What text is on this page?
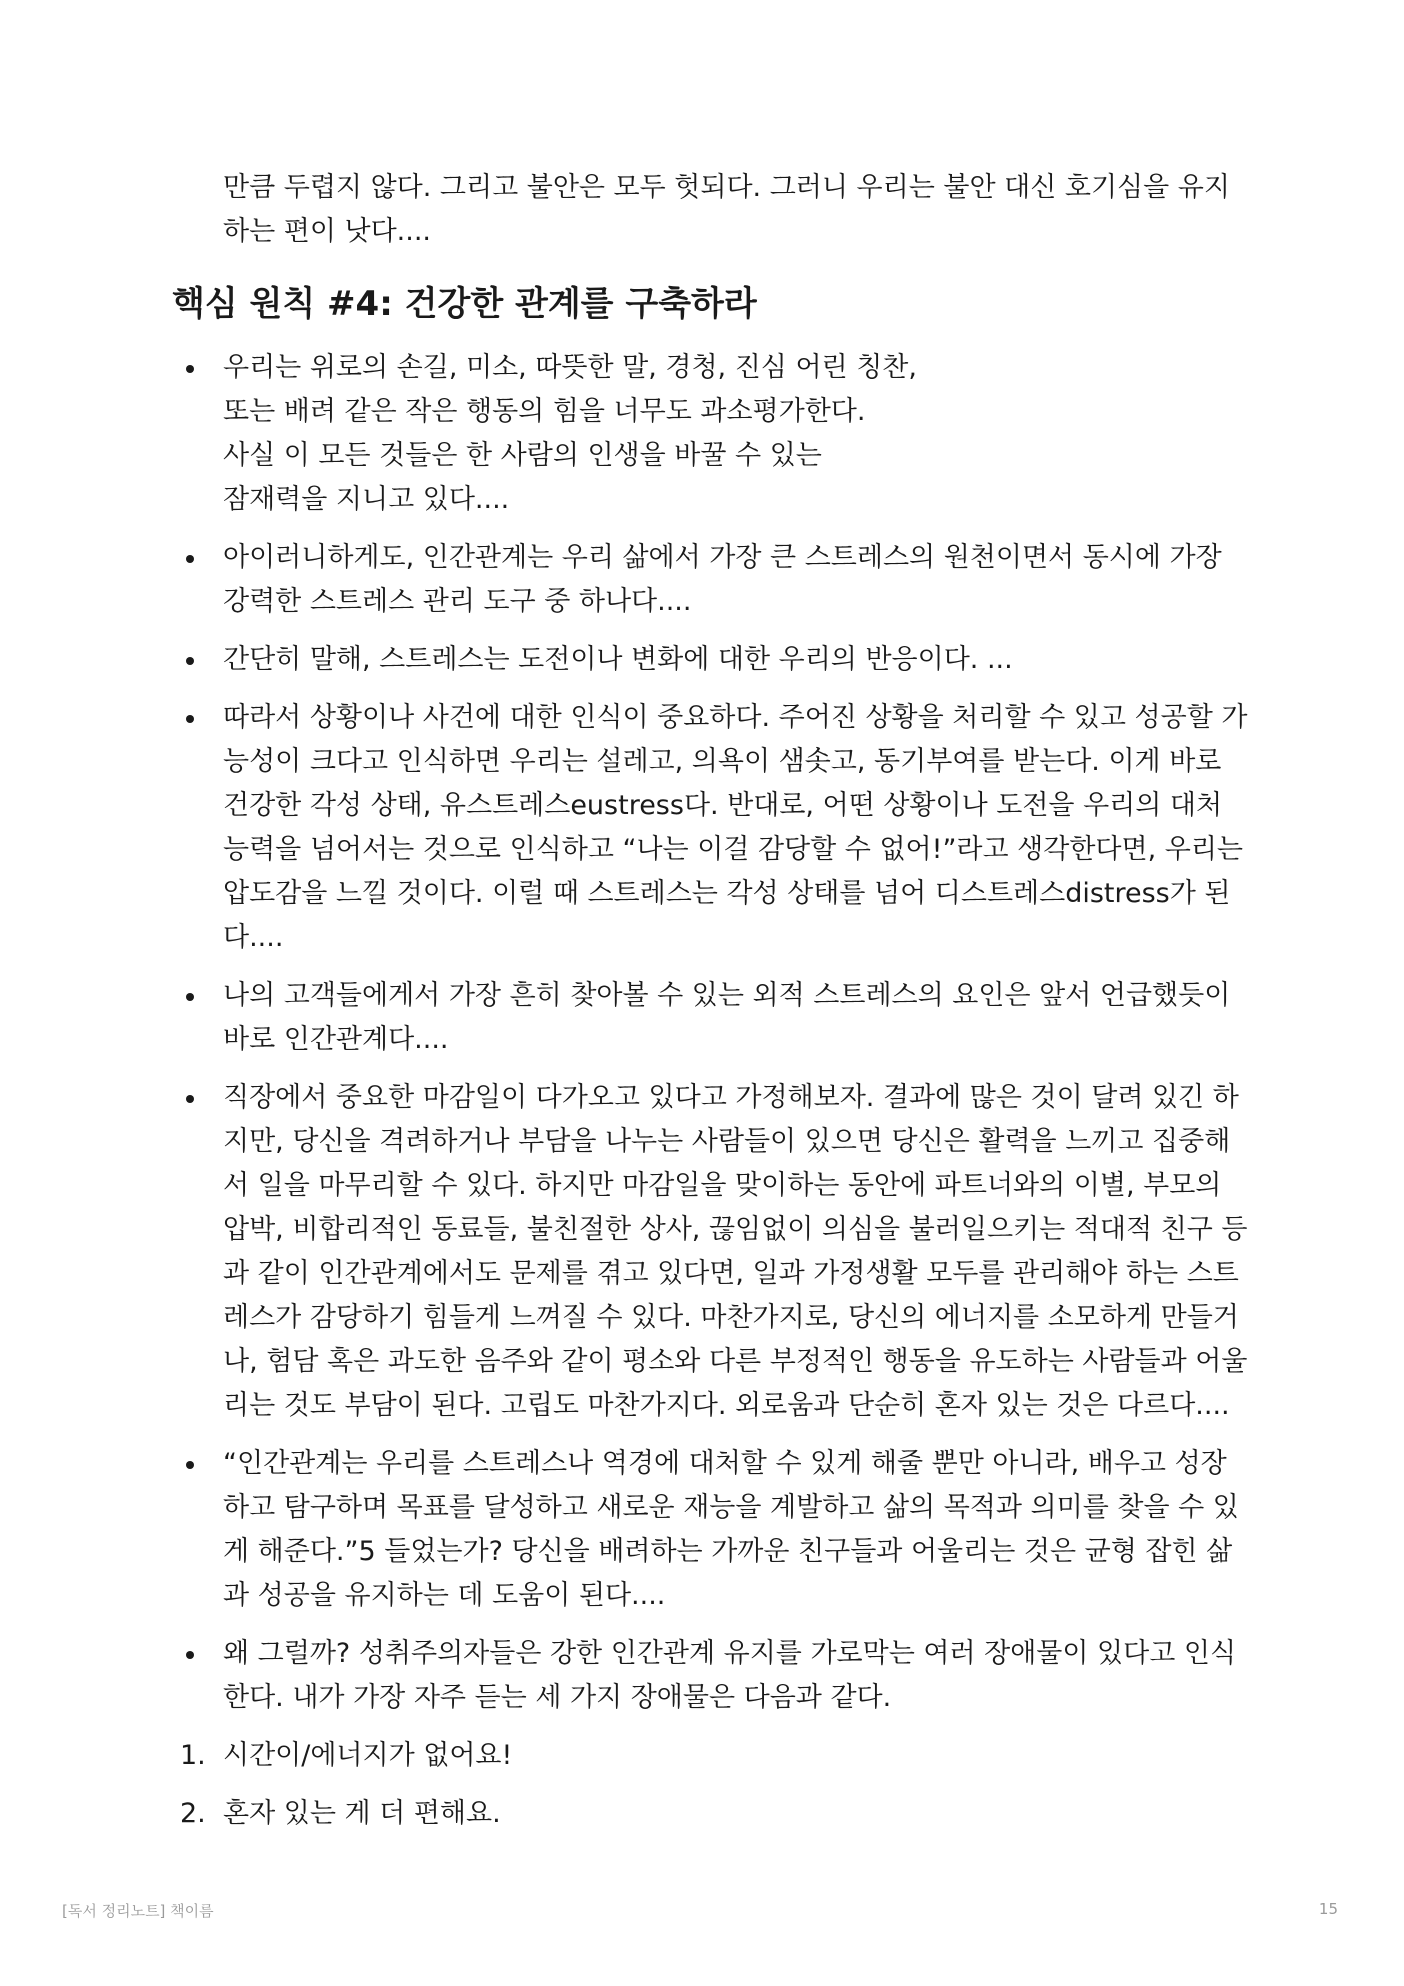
만큼 두렵지 않다. 그리고 불안은 모두 헛되다. 그러니 우리는 불안 대신 호기심을 유지
하는 편이 낫다....

핵심 원칙 #4: 건강한 관계를 구축하라
우리는 위로의 손길, 미소, 따뜻한 말, 경청, 진심 어린 칭찬,
또는 배려 같은 작은 행동의 힘을 너무도 과소평가한다.
사실 이 모든 것들은 한 사람의 인생을 바꿀 수 있는
잠재력을 지니고 있다....
아이러니하게도, 인간관계는 우리 삶에서 가장 큰 스트레스의 원천이면서 동시에 가장
강력한 스트레스 관리 도구 중 하나다....
간단히 말해, 스트레스는 도전이나 변화에 대한 우리의 반응이다. ...
따라서 상황이나 사건에 대한 인식이 중요하다. 주어진 상황을 처리할 수 있고 성공할 가
능성이 크다고 인식하면 우리는 설레고, 의욕이 샘솟고, 동기부여를 받는다. 이게 바로
건강한 각성 상태, 유스트레스eustress다. 반대로, 어떤 상황이나 도전을 우리의 대처
능력을 넘어서는 것으로 인식하고 “나는 이걸 감당할 수 없어!”라고 생각한다면, 우리는
압도감을 느낄 것이다. 이럴 때 스트레스는 각성 상태를 넘어 디스트레스distress가 된
다....
나의 고객들에게서 가장 흔히 찾아볼 수 있는 외적 스트레스의 요인은 앞서 언급했듯이
바로 인간관계다....
직장에서 중요한 마감일이 다가오고 있다고 가정해보자. 결과에 많은 것이 달려 있긴 하
지만, 당신을 격려하거나 부담을 나누는 사람들이 있으면 당신은 활력을 느끼고 집중해
서 일을 마무리할 수 있다. 하지만 마감일을 맞이하는 동안에 파트너와의 이별, 부모의
압박, 비합리적인 동료들, 불친절한 상사, 끊임없이 의심을 불러일으키는 적대적 친구 등
과 같이 인간관계에서도 문제를 겪고 있다면, 일과 가정생활 모두를 관리해야 하는 스트
레스가 감당하기 힘들게 느껴질 수 있다. 마찬가지로, 당신의 에너지를 소모하게 만들거
나, 험담 혹은 과도한 음주와 같이 평소와 다른 부정적인 행동을 유도하는 사람들과 어울
리는 것도 부담이 된다. 고립도 마찬가지다. 외로움과 단순히 혼자 있는 것은 다르다....
“인간관계는 우리를 스트레스나 역경에 대처할 수 있게 해줄 뿐만 아니라, 배우고 성장
하고 탐구하며 목표를 달성하고 새로운 재능을 계발하고 삶의 목적과 의미를 찾을 수 있
게 해준다.”5 들었는가? 당신을 배려하는 가까운 친구들과 어울리는 것은 균형 잡힌 삶
과 성공을 유지하는 데 도움이 된다....
왜 그럴까? 성취주의자들은 강한 인간관계 유지를 가로막는 여러 장애물이 있다고 인식
한다. 내가 가장 자주 듣는 세 가지 장애물은 다음과 같다.
1. 시간이/에너지가 없어요!
2. 혼자 있는 게 더 편해요.
[독서 정리노트] 책이름	15
